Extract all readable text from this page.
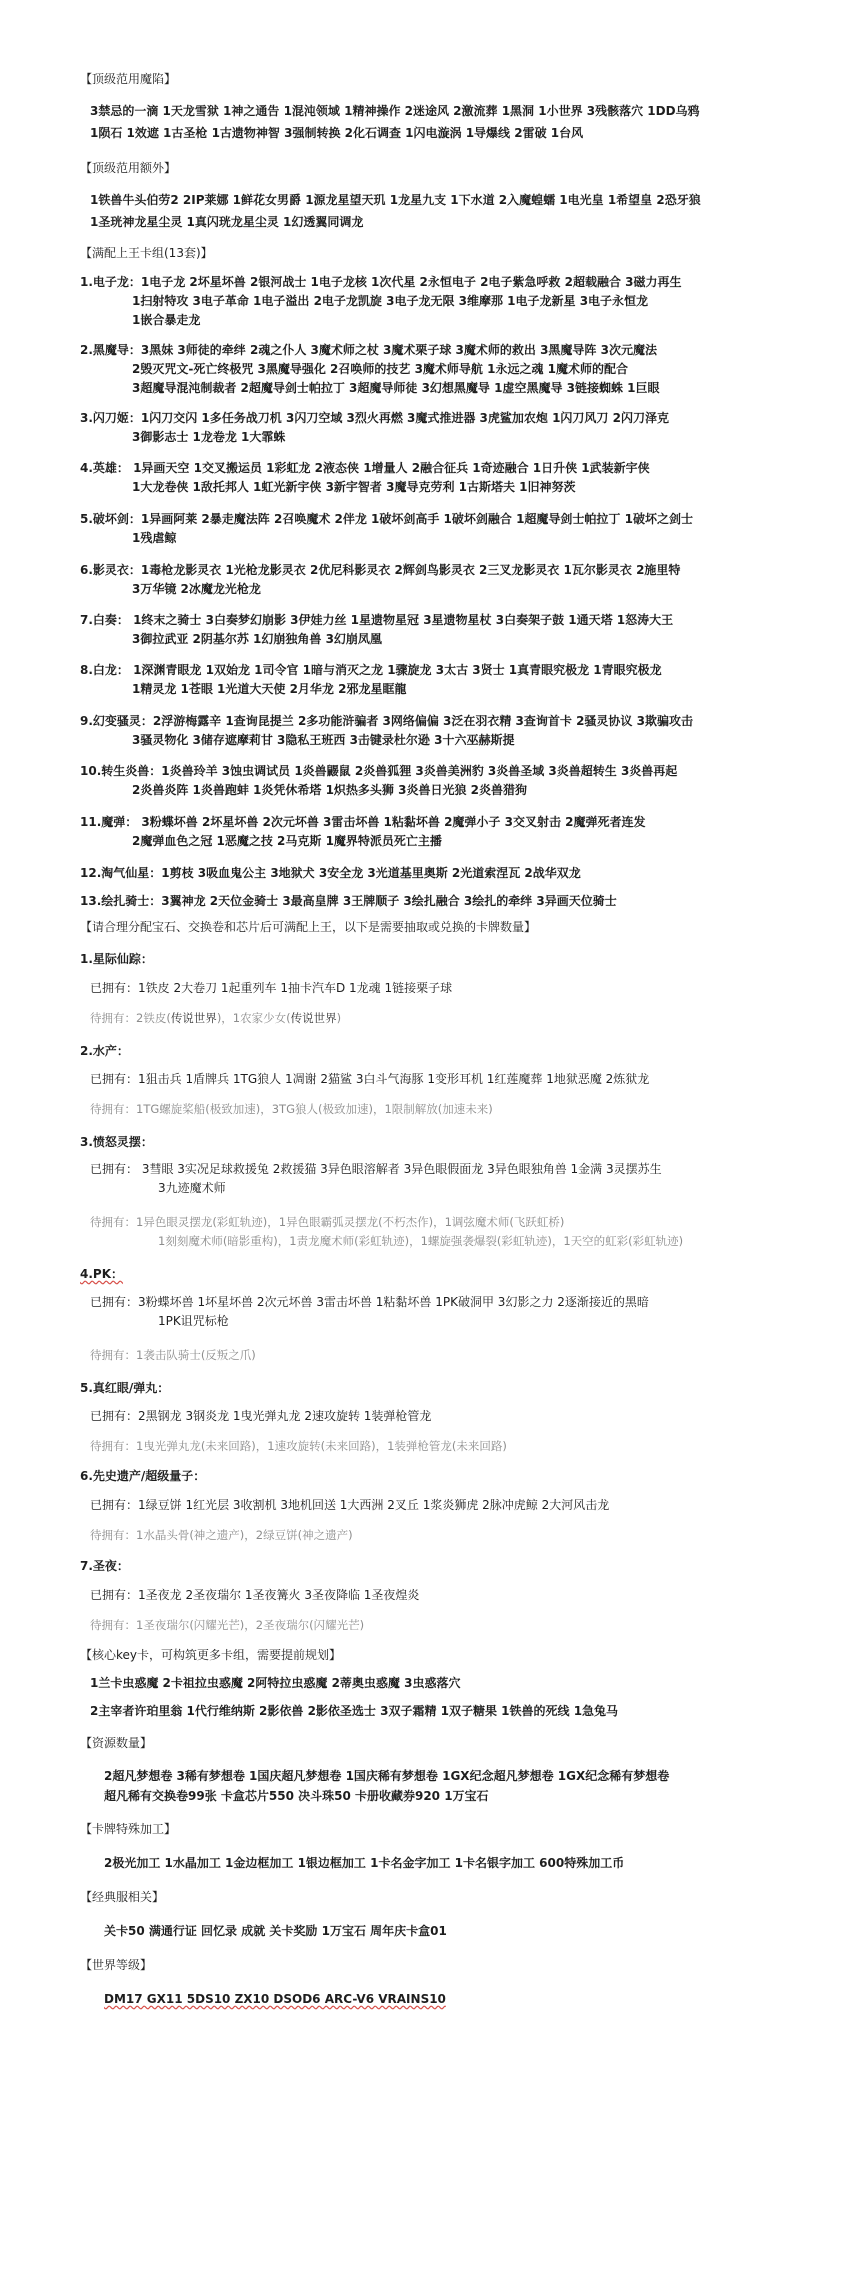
【顶级范用魔陷】
3禁忌的一滴 1天龙雪狱 1神之通告 1混沌领域 1精神操作 2迷途风 2激流葬 1黑洞 1小世界 3残骸落穴 1DD乌鸦
1陨石 1效遮 1古圣枪 1古遗物神智 3强制转换 2化石调查 1闪电漩涡 1导爆线 2雷破 1台风
【顶级范用额外】
1铁兽牛头伯劳2 2IP莱娜 1鲜花女男爵 1源龙星望天玑 1龙星九支 1下水道 2入魔蝗蠕 1电光皇 1希望皇 2恐牙狼
1圣珖神龙星尘灵 1真闪珖龙星尘灵 1幻透翼同调龙
【满配上王卡组(13套)】
1.电子龙：1电子龙 2坏星坏兽 2银河战士 1电子龙核 1次代星 2永恒电子 2电子紫急呼救 2超载融合 3磁力再生
1扫射特攻 3电子革命 1电子溢出 2电子龙凯旋 3电子龙无限 3维摩那 1电子龙新星 3电子永恒龙
1嵌合暴走龙
2.黑魔导：3黑妹 3师徒的牵绊 2魂之仆人 3魔术师之杖 3魔术栗子球 3魔术师的救出 3黑魔导阵 3次元魔法
2毁灭咒文-死亡终极咒 3黑魔导强化 2召唤师的技艺 3魔术师导航 1永远之魂 1魔术师的配合
3超魔导混沌制裁者 2超魔导剑士帕拉丁 3超魔导师徒 3幻想黑魔导 1虚空黑魔导 3链接蜘蛛 1巨眼
3.闪刀姬：1闪刀交闪 1多任务战刀机 3闪刀空域 3烈火再燃 3魔式推进器 3虎鲨加农炮 1闪刀风刀 2闪刀泽克
3御影志士 1龙卷龙 1大霏蛛
4.英雄： 1异画天空 1交叉搬运员 1彩虹龙 2液态侠 1增量人 2融合征兵 1奇迹融合 1日升侠 1武装新宇侠
1大龙卷侠 1敌托邦人 1虹光新宇侠 3新宇智者 3魔导克劳利 1古斯塔夫 1旧神努茨
5.破坏剑：1异画阿莱 2暴走魔法阵 2召唤魔术 2伴龙 1破坏剑高手 1破坏剑融合 1超魔导剑士帕拉丁 1破坏之剑士
1残虐鲸
6.影灵衣：1毒枪龙影灵衣 1光枪龙影灵衣 2优尼科影灵衣 2辉剑鸟影灵衣 2三叉龙影灵衣 1瓦尔影灵衣 2施里特
3万华镜 2冰魔龙光枪龙
7.白奏： 1终末之骑士 3白奏梦幻崩影 3伊娃力丝 1星遗物星冠 3星遗物星杖 3白奏架子鼓 1通天塔 1怒涛大王
3御拉武亚 2阴基尔苏 1幻崩独角兽 3幻崩凤凰
8.白龙： 1深渊青眼龙 1双始龙 1司令官 1暗与消灭之龙 1骤旋龙 3太古 3贤士 1真青眼究极龙 1青眼究极龙
1精灵龙 1苍眼 1光道大天使 2月华龙 2邪龙星眶龍
9.幻变骚灵：2浮游梅露辛 1查询昆提兰 2多功能浒骗者 3网络偏偏 3泛在羽衣精 3查询首卡 2骚灵协议 3欺骗攻击
3骚灵物化 3储存遮摩莉甘 3隐私王班西 3击键录杜尔逊 3十六巫赫斯提
10.转生炎兽：1炎兽玲羊 3蚀虫调试员 1炎兽鼹鼠 2炎兽狐狸 3炎兽美洲豹 3炎兽圣域 3炎兽超转生 3炎兽再起
2炎兽炎阵 1炎兽跑蚌 1炎凭休希塔 1炽热多头狮 3炎兽日光狼 2炎兽猎狗
11.魔弹： 3粉蝶坏兽 2坏星坏兽 2次元坏兽 3雷击坏兽 1粘黏坏兽 2魔弹小子 3交叉射击 2魔弹死者连发
2魔弹血色之冠 1恶魔之技 2马克斯 1魔界特派员死亡主播
12.淘气仙星：1剪枝 3吸血鬼公主 3地狱犬 3安全龙 3光道基里奥斯 2光道索涅瓦 2战华双龙
13.绘扎骑士：3翼神龙 2天位金骑士 3最高皇牌 3王牌顺子 3绘扎融合 3绘扎的牵绊 3异画天位骑士
【请合理分配宝石、交换卷和芯片后可满配上王，以下是需要抽取或兑换的卡牌数量】
1.星际仙踪：
已拥有：1铁皮 2大卷刀 1起重列车 1抽卡汽车D 1龙魂 1链接栗子球
待拥有：2铁皮(传说世界)，1农家少女(传说世界)
2.水产：
已拥有：1狙击兵 1盾牌兵 1TG狼人 1凋谢 2猫鲨 3白斗气海豚 1变形耳机 1红莲魔葬 1地狱恶魔 2炼狱龙
待拥有：1TG螺旋桨船(极致加速)，3TG狼人(极致加速)，1限制解放(加速未来)
3.愤怒灵摆：
已拥有： 3彗眼 3实况足球救援兔 2救援猫 3异色眼溶解者 3异色眼假面龙 3异色眼独角兽 1金满 3灵摆苏生
3九迹魔术师
待拥有：1异色眼灵摆龙(彩虹轨迹)，1异色眼霸弧灵摆龙(不朽杰作)，1调弦魔术师(飞跃虹桥)
1刻刻魔术师(暗影重构)，1责龙魔术师(彩虹轨迹)，1螺旋强袭爆裂(彩虹轨迹)，1天空的虹彩(彩虹轨迹)
4.PK：
已拥有：3粉蝶坏兽 1坏星坏兽 2次元坏兽 3雷击坏兽 1粘黏坏兽 1PK破洞甲 3幻影之力 2逐渐接近的黑暗
1PK诅咒标枪
待拥有：1袭击队骑士(反叛之爪)
5.真红眼/弹丸：
已拥有：2黑钢龙 3钢炎龙 1曳光弹丸龙 2速攻旋转 1装弹枪管龙
待拥有：1曳光弹丸龙(未来回路)，1速攻旋转(未来回路)，1装弹枪管龙(未来回路)
6.先史遗产/超级量子：
已拥有：1绿豆饼 1红光层 3收割机 3地机回送 1大西洲 2叉丘 1浆炎狮虎 2脉冲虎鲸 2大河风击龙
待拥有：1水晶头骨(神之遗产)，2绿豆饼(神之遗产)
7.圣夜：
已拥有：1圣夜龙 2圣夜瑞尔 1圣夜篝火 3圣夜降临 1圣夜煌炎
待拥有：1圣夜瑞尔(闪耀光芒)，2圣夜瑞尔(闪耀光芒)
【核心key卡，可构筑更多卡组，需要提前规划】
1兰卡虫惑魔 2卡祖拉虫惑魔 2阿特拉虫惑魔 2蒂奥虫惑魔 3虫惑落穴
2主宰者许珀里翁 1代行维纳斯 2影依兽 2影依圣选士 3双子霜精 1双子糖果 1铁兽的死线 1急兔马
【资源数量】
2超凡梦想卷 3稀有梦想卷 1国庆超凡梦想卷 1国庆稀有梦想卷 1GX纪念超凡梦想卷 1GX纪念稀有梦想卷
超凡稀有交换卷99张 卡盒芯片550 决斗珠50 卡册收藏券920 1万宝石
【卡牌特殊加工】
2极光加工 1水晶加工 1金边框加工 1银边框加工 1卡名金字加工 1卡名银字加工 600特殊加工币
【经典服相关】
关卡50 满通行证 回忆录 成就 关卡奖励 1万宝石 周年庆卡盒01
【世界等级】
DM17 GX11 5DS10 ZX10 DSOD6 ARC-V6 VRAINS10
